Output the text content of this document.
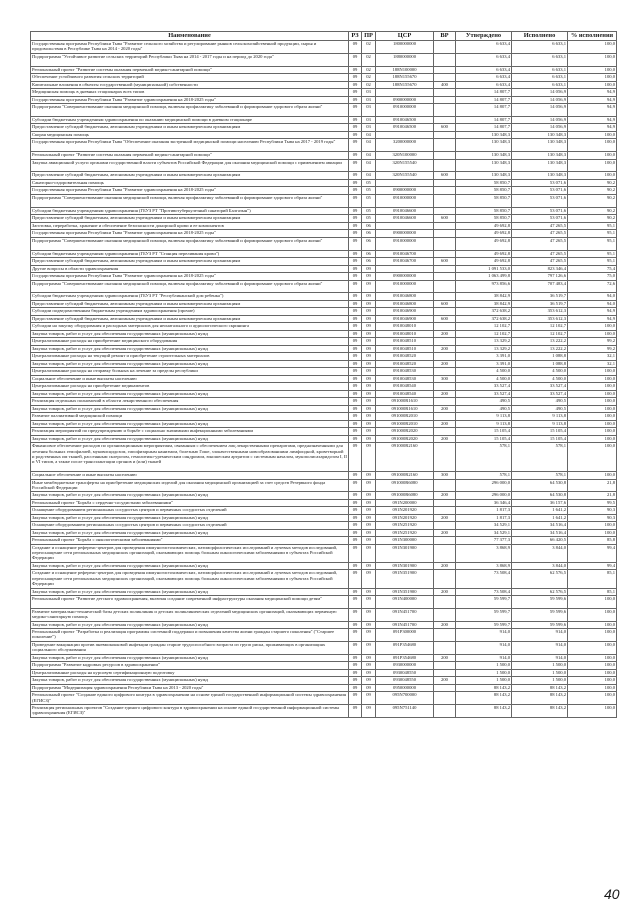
Наименование	РЗ	ПР	ЦСР	ВР	Утверждено	Исполнено	% исполнения
Государственная программа Республики Тыва "Развитие сельского хозяйства и регулирование рынков сельскохозяйственной продукции, сырья и продовольствия в Республике Тыва на 2014 - 2020 годы"	09	02	1800000000		6 633,4	6 633,1	100,0
Подпрограмма "Устойчивое развитие сельских территорий Республики Тыва на 2014 - 2017 годы и на период до 2020 года"	09	02	1880000000		6 633,4	6 633,1	100,0
Региональный проект "Развитие системы оказания первичной медико-санитарной помощи"	09	02	188N100000		6 633,4	6 633,1	100,0
Обеспечение устойчивого развития сельских территорий	09	02	188N155670		6 633,4	6 633,1	100,0
Капитальные вложения в объекты государственной (муниципальной) собственности	09	02	188N155670	400	6 633,4	6 633,1	100,0
Медицинская помощь в дневных стационарах всех типов	09	03			14 807,7	14 056,9	94,9
Государственная программа Республики Тыва "Развитие здравоохранения на 2018-2025 годы"	09	03	0900000000		14 807,7	14 056,9	94,9
Подпрограмма "Совершенствование оказания медицинской помощи, включая профилактику заболеваний и формирование здорового образа жизни"	09	03	0910000000		14 807,7	14 056,9	94,9
Субсидии бюджетным учреждениям здравоохранения по оказанию медицинской помощи в дневном стационаре	09	03	0910046500		14 807,7	14 056,9	94,9
Предоставление субсидий бюджетным, автономным учреждениям и иным некоммерческим организациям	09	03	0910046500	600	14 807,7	14 056,9	94,9
Скорая медицинская помощь	09	04			130 348,3	130 348,3	100,0
Государственная программа Республики Тыва "Обеспечение оказания экстренной медицинской помощи населению Республики Тыва на 2017 - 2019 годы"	09	04	3200000000		130 348,3	130 348,3	100,0
Региональный проект "Развитие системы оказания первичной медико-санитарной помощи"	09	04	320N100000		130 348,3	130 348,3	100,0
Закупка авиационной услуги органами государственной власти субъектов Российской Федерации для оказания медицинской помощи с применением авиации	09	04	320N155540		130 348,3	130 348,3	100,0
Предоставление субсидий бюджетным, автономным учреждениям и иным некоммерческим организациям	09	04	320N155540	600	130 348,3	130 348,3	100,0
Санаторно-оздоровительная помощь	09	05			58 850,7	53 071,6	90,2
Государственная программа Республики Тыва "Развитие здравоохранения на 2018-2025 годы"	09	05	0900000000		58 850,7	53 071,6	90,2
Подпрограмма "Совершенствование оказания медицинской помощи, включая профилактику заболеваний и формирование здорового образа жизни"	09	05	0910000000		58 850,7	53 071,6	90,2
Субсидии бюджетным учреждениям здравоохранения (ГБУЗ РТ "Противотуберкулезный санаторий Балгазын")	09	05	0910046600		58 850,7	53 071,6	90,2
Предоставление субсидий бюджетным, автономным учреждениям и иным некоммерческим организациям	09	05	0910046600	600	58 850,7	53 071,6	90,2
Заготовка, переработка, хранение и обеспечение безопасности донорской крови и ее компонентов	09	06			49 692,8	47 265,5	95,1
Государственная программа Республики Тыва "Развитие здравоохранения на 2018-2025 годы"	09	06	0900000000		49 692,8	47 265,5	95,1
Подпрограмма "Совершенствование оказания медицинской помощи, включая профилактику заболеваний и формирование здорового образа жизни"	09	06	0910000000		49 692,8	47 265,5	95,1
Субсидии бюджетным учреждениям здравоохранения (ГБУЗ РТ "Станция переливания крови")	09	06	0910046700		49 692,8	47 265,5	95,1
Предоставление субсидий бюджетным, автономным учреждениям и иным некоммерческим организациям	09	06	0910046700	600	49 692,8	47 265,5	95,1
Другие вопросы в области здравоохранения	09	09			1 091 533,0	823 346,4	75,4
Государственная программа Республики Тыва "Развитие здравоохранения на 2018-2025 годы"	09	09	0900000000		1 063 499,8	797 126,6	75,0
Подпрограмма "Совершенствование оказания медицинской помощи, включая профилактику заболеваний и формирование здорового образа жизни"	09	09	0910000000		973 856,6	707 483,4	72,6
Субсидии бюджетным учреждениям здравоохранения (ГБУЗ РТ "Республиканский дом ребенка")	09	09	0910046800		38 842,9	36 519,7	94,0
Предоставление субсидий бюджетным, автономным учреждениям и иным некоммерческим организациям	09	09	0910046800	600	38 842,9	36 519,7	94,0
Субсидии подведомственным бюджетным учреждениям здравоохранения (прочие)	09	09	0910046900		372 638,2	353 612,3	94,9
Предоставление субсидий бюджетным, автономным учреждениям и иным некоммерческим организациям	09	09	0910046900	600	372 638,2	353 612,3	94,9
Субсидии на закупку оборудования и расходных материалов для неонатального и аудиологического скрининга	09	09	0910048010		12 102,7	12 102,7	100,0
Закупка товаров, работ и услуг для обеспечения государственных (муниципальных) нужд	09	09	0910048010	200	12 102,7	12 102,7	100,0
Централизованные расходы на приобретение медицинского оборудования	09	09	0910048510		13 329,2	13 222,2	99,2
Закупка товаров, работ и услуг для обеспечения государственных (муниципальных) нужд	09	09	0910048510	200	13 329,2	13 222,2	99,2
Централизованные расходы на текущий ремонт и приобретение строительных материалов	09	09	0910048520		3 391,0	1 088,8	32,1
Закупка товаров, работ и услуг для обеспечения государственных (муниципальных) нужд	09	09	0910048520	200	3 391,0	1 088,8	32,1
Централизованные расходы на отправку больных на лечение за пределы республики	09	09	0910048530		4 500,0	4 500,0	100,0
Социальное обеспечение и иные выплаты населению	09	09	0910048530	300	4 500,0	4 500,0	100,0
Централизованные расходы на приобретение медикаментов	09	09	0910048540		33 527,4	33 527,4	100,0
Закупка товаров, работ и услуг для обеспечения государственных (муниципальных) нужд	09	09	0910048540	200	33 527,4	33 527,4	100,0
Реализация отдельных полномочий в области лекарственного обеспечения	09	09	091000R1610		490,5	490,5	100,0
Закупка товаров, работ и услуг для обеспечения государственных (муниципальных) нужд	09	09	091000R1610	200	490,5	490,5	100,0
Развитие паллиативной медицинской помощи	09	09	091000R2010		9 113,8	9 113,8	100,0
Закупка товаров, работ и услуг для обеспечения государственных (муниципальных) нужд	09	09	091000R2010	200	9 113,8	9 113,8	100,0
Реализация мероприятий по предупреждению и борьбе с социально значимыми инфекционными заболеваниями	09	09	091000R2020		15 105,4	15 105,4	100,0
Закупка товаров, работ и услуг для обеспечения государственных (муниципальных) нужд	09	09	091000R2020	200	15 105,4	15 105,4	100,0
Финансовое обеспечение расходов по организационным мероприятиям, связанным с обеспечением лиц лекарственными препаратами, предназначенными для лечения больных гемофилией, муковисцидозом, гипофизарным нанизмом, болезнью Гоше, злокачественными новообразованиями лимфоидной, кроветворной и родственных им тканей, рассеянным склерозом, гемолитико-уремическим синдромом, юношеским артритом с системным началом, мукополисахаридозом I, II и VI типов, а также после трансплантации органов и (или) тканей	09	09	091000R2160		578,1	578,1	100,0
Социальное обеспечение и иные выплаты населению	09	09	091000R2160	300	578,1	578,1	100,0
Иные межбюджетные трансферты на приобретение медицинских изделий для оказания медицинской организацией за счет средств Резервного фонда Российской Федерации	09	09	091000R6080		296 000,0	64 530,8	21,8
Закупка товаров, работ и услуг для обеспечения государственных (муниципальных) нужд	09	09	091000R6080	200	296 000,0	64 530,8	21,8
Региональный проект "Борьба с сердечно-сосудистыми заболеваниями"	09	09	091N200000		36 346,4	36 157,6	99,5
Оснащение оборудованием региональных сосудистых центров и первичных сосудистых отделений	09	09	091N201920		1 817,3	1 641,2	90,3
Закупка товаров, работ и услуг для обеспечения государственных (муниципальных) нужд	09	09	091N201920	200	1 817,3	1 641,2	90,3
Оснащение оборудованием региональных сосудистых центров и первичных сосудистых отделений	09	09	091N251920		34 529,1	34 516,4	100,0
Закупка товаров, работ и услуг для обеспечения государственных (муниципальных) нужд	09	09	091N251920	200	34 529,1	34 516,4	100,0
Региональный проект "Борьба с онкологическими заболеваниями"	09	09	091N300000		77 377,3	66 420,5	85,8
Создание и оснащение референс-центров для проведения иммуногистохимических, патоморфологических исследований и лучевых методов исследований, переоснащение сети региональных медицинских организаций, оказывающих помощь больным онкологическими заболеваниями в субъектах Российской Федерации	09	09	091N301900		3 868,9	3 844,0	99,4
Закупка товаров, работ и услуг для обеспечения государственных (муниципальных) нужд	09	09	091N301900	200	3 868,9	3 844,0	99,4
Создание и оснащение референс-центров для проведения иммуногистохимических, патоморфологических исследований и лучевых методов исследований, переоснащение сети региональных медицинских организаций, оказывающих помощь больным онкологическими заболеваниями в субъектах Российской Федерации	09	09	091N351900		73 508,4	62 576,5	85,1
Закупка товаров, работ и услуг для обеспечения государственных (муниципальных) нужд	09	09	091N351900	200	73 508,4	62 576,5	85,1
Региональный проект "Развитие детского здравоохранения, включая создание современной инфраструктуры оказания медицинской помощи детям"	09	09	091N400000		59 599,7	59 599,6	100,0
Развитие материально-технической базы детских поликлиник и детских поликлинических отделений медицинских организаций, оказывающих первичную медико-санитарную помощь	09	09	091N451700		59 599,7	59 599,6	100,0
Закупка товаров, работ и услуг для обеспечения государственных (муниципальных) нужд	09	09	091N451700	200	59 599,7	59 599,6	100,0
Региональный проект "Разработка и реализация программы системной поддержки и повышения качества жизни граждан старшего поколения" ("Старшее поколение")	09	09	091P300000		914,0	914,0	100,0
Проведение вакцинации против пневмококковой инфекции граждан старше трудоспособного возраста из групп риска, проживающих в организациях социального обслуживания	09	09	091P354680		914,0	914,0	100,0
Закупка товаров, работ и услуг для обеспечения государственных (муниципальных) нужд	09	09	091P354680	200	914,0	914,0	100,0
Подпрограмма "Развитие кадровых ресурсов в здравоохранении"	09	09	0930000000		1 500,0	1 500,0	100,0
Централизованные расходы на курсовую сертификационную подготовку	09	09	0930048550		1 500,0	1 500,0	100,0
Закупка товаров, работ и услуг для обеспечения государственных (муниципальных) нужд	09	09	0930048550	200	1 500,0	1 500,0	100,0
Подпрограмма "Модернизация здравоохранения Республики Тыва на 2013 - 2020 годы"	09	09	0950000000		88 143,2	88 143,2	100,0
Региональный проект "Создание единого цифрового контура в здравоохранении на основе единой государственной информационной системы здравоохранения (ЕГИСЗ)"	09	09	095N700000		88 143,2	88 143,2	100,0
Реализация региональных проектов "Создание единого цифрового контура в здравоохранении на основе единой государственной информационной системы здравоохранения (ЕГИСЗ)"	09	09	095N751140		88 143,2	88 143,2	100,0
40
